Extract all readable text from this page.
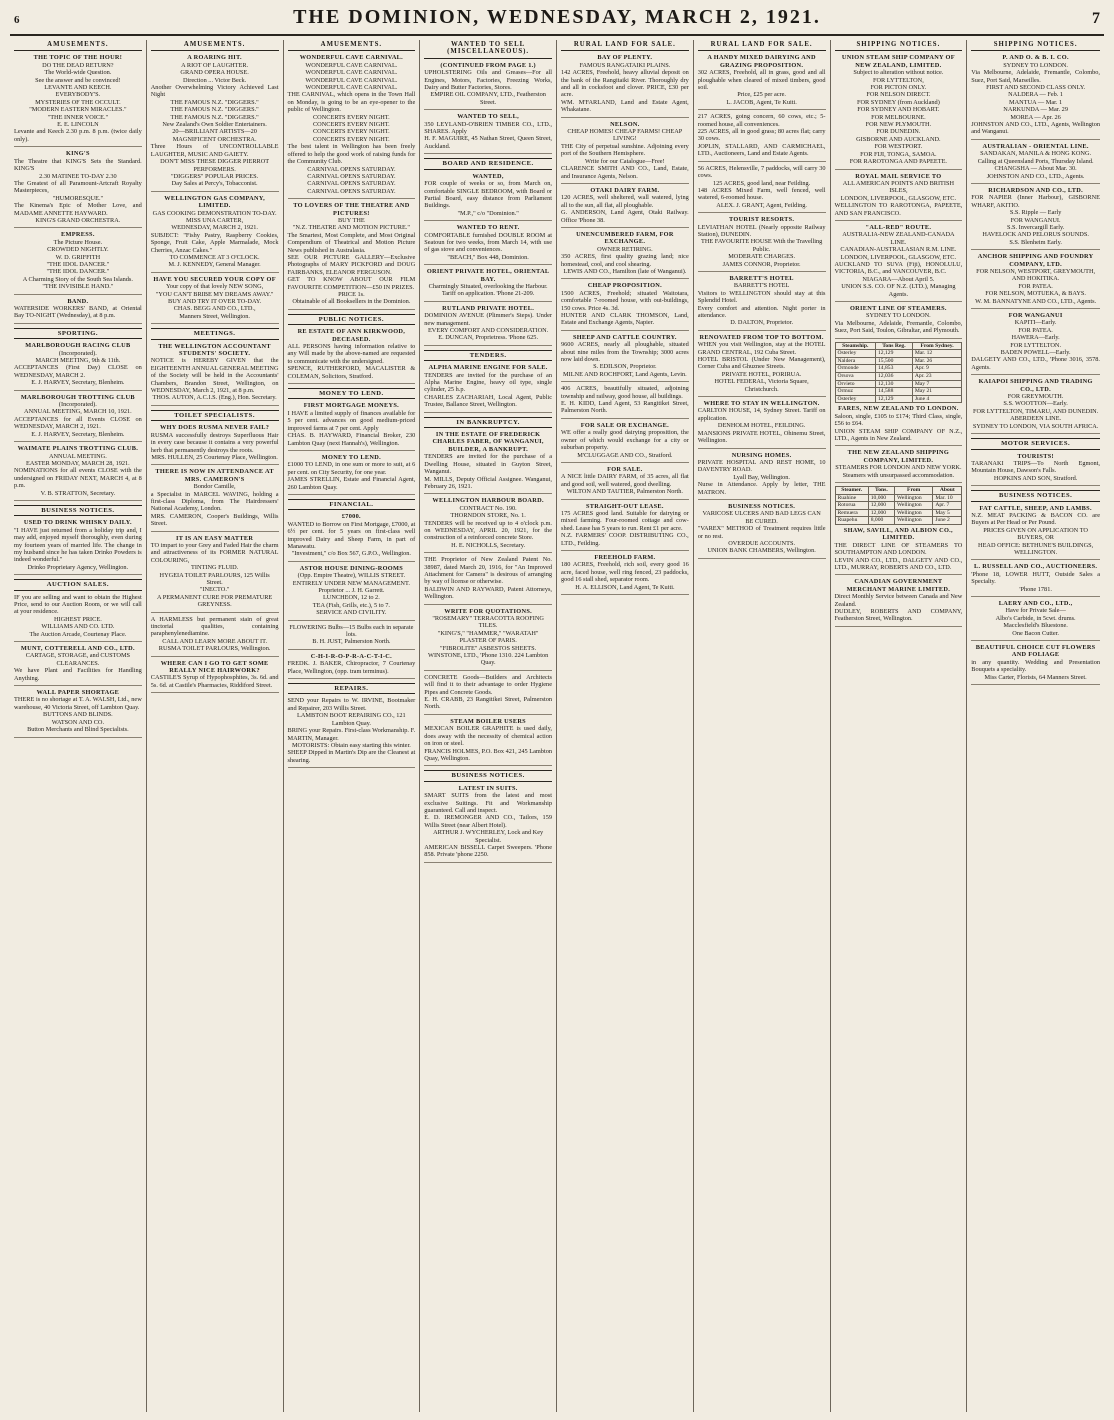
6	THE DOMINION, WEDNESDAY, MARCH 2, 1921.	7
AMUSEMENTS.
THE TOPIC OF THE HOUR!

DO THE DEAD RETURN?

The World-wide Question.

See the answer and be convinced!

LEVANTE AND KEECH.

EVERYBODY'S.

MYSTERIES OF THE OCCULT.

"MODERN EASTERN MIRACLES."

"THE INNER VOICE."

E. E. LINCOLN

Levante and Keech 2.30 p.m. 8 p.m. (twice daily only).

KING'S

The Theatre that KING'S Sets the Standard. KING'S

2.30 MATINEE TO-DAY 2.30

The Greatest of all Paramount-Artcraft Royalty Masterpieces,

"HUMORESQUE."

The Kinema's Epic of Mother Love, and MADAME ANNETTE HAYWARD.

KING'S GRAND ORCHESTRA.

EMPRESS.

The Picture House.

CROWDED NIGHTLY.

W. D. GRIFFITH

"THE IDOL DANCER."

"THE IDOL DANCER."

A Charming Story of the South Sea Islands.

"THE INVISIBLE HAND."

BAND.

WATERSIDE WORKERS' BAND, at Oriental Bay TO-NIGHT (Wednesday), at 8 p.m.

SPORTING.
MARLBOROUGH RACING CLUB

(Incorporated).

MARCH MEETING, 9th & 11th.

ACCEPTANCES (First Day) CLOSE on WEDNESDAY, MARCH 2.

E. J. HARVEY, Secretary, Blenheim.

MARLBOROUGH TROTTING CLUB

(Incorporated).

ANNUAL MEETING, MARCH 10, 1921.

ACCEPTANCES for all Events CLOSE on WEDNESDAY, MARCH 2, 1921.

E. J. HARVEY, Secretary, Blenheim.

WAIMATE PLAINS TROTTING CLUB.

ANNUAL MEETING.

EASTER MONDAY, MARCH 28, 1921.

NOMINATIONS for all events CLOSE with the undersigned on FRIDAY NEXT, MARCH 4, at 8 p.m.

V. B. STRATTON, Secretary.

BUSINESS NOTICES.
USED TO DRINK WHISKY DAILY.

"I HAVE just returned from a holiday trip and, I may add, enjoyed myself thoroughly, even during my fourteen years of married life. The change in my husband since he has taken Drinko Powders is indeed wonderful."

Drinko Proprietary Agency, Wellington.

AUCTION SALES.

IF you are selling and want to obtain the Highest Price, send to our Auction Room, or we will call at your residence.

HIGHEST PRICE.

WILLIAMS AND CO. LTD.

The Auction Arcade, Courtenay Place.

MUNT, COTTERELL AND CO., LTD.

CARTAGE, STORAGE, and CUSTOMS CLEARANCES.

We have Plant and Facilities for Handling Anything.

WALL PAPER SHORTAGE

THERE is no shortage at T. A. WALSH, Ltd., new warehouse, 40 Victoria Street, off Lambton Quay.

BUTTONS AND BLINDS.

WATSON AND CO.

Button Merchants and Blind Specialists.

AMUSEMENTS.
A ROARING HIT.

A RIOT OF LAUGHTER.

GRAND OPERA HOUSE.

Direction ... Victor Beck.

Another Overwhelming Victory Achieved Last Night

THE FAMOUS N.Z. "DIGGERS."

THE FAMOUS N.Z. "DIGGERS."

THE FAMOUS N.Z. "DIGGERS."

New Zealand's Own Soldier Entertainers.

20—BRILLIANT ARTISTS—20

MAGNIFICENT ORCHESTRA.

Three Hours of UNCONTROLLABLE LAUGHTER, MUSIC AND GAIETY.

DON'T MISS THESE DIGGER PIERROT PERFORMERS.

"DIGGERS" POPULAR PRICES.

Day Sales at Percy's, Tobacconist.

WELLINGTON GAS COMPANY, LIMITED.

GAS COOKING DEMONSTRATION TO-DAY.

MISS UNA CARTER,

WEDNESDAY, MARCH 2, 1921.

SUBJECT: "Fishy Pastry, Raspberry Cookies, Sponge, Fruit Cake, Apple Marmalade, Mock Cherries, Anzac Cakes."

TO COMMENCE AT 3 O'CLOCK.

M. J. KENNEDY, General Manager.

HAVE YOU SECURED YOUR COPY OF

Your copy of that lovely NEW SONG,

"YOU CAN'T BRIBE MY DREAMS AWAY."

BUY AND TRY IT OVER TO-DAY.

CHAS. BEGG AND CO., LTD.,

Manners Street, Wellington.

MEETINGS.
THE WELLINGTON ACCOUNTANT STUDENTS' SOCIETY.

NOTICE is HEREBY GIVEN that the EIGHTEENTH ANNUAL GENERAL MEETING of the Society will be held in the Accountants' Chambers, Brandon Street, Wellington, on WEDNESDAY, March 2, 1921, at 8 p.m.

THOS. AUTON, A.C.I.S. (Eng.), Hon. Secretary.

TOILET SPECIALISTS.
WHY DOES RUSMA NEVER FAIL?

RUSMA successfully destroys Superfluous Hair in every case because it contains a very powerful herb that permanently destroys the roots.

MRS. HULLEN, 25 Courtenay Place, Wellington.

THERE IS NOW IN ATTENDANCE AT MRS. CAMERON'S

Bondor Camille,

a Specialist in MARCEL WAVING, holding a first-class Diploma, from The Hairdressers' National Academy, London.

MRS. CAMERON, Cooper's Buildings, Willis Street.

IT IS AN EASY MATTER

TO impart to your Grey and Faded Hair the charm and attractiveness of its FORMER NATURAL COLOURING,

TINTING FLUID.

HYGEIA TOILET PARLOURS, 125 Willis Street.

"INECTO."

A PERMANENT CURE FOR PREMATURE GREYNESS.

A HARMLESS but permanent stain of great tinctorial qualities, containing paraphenylenediamine.

CALL AND LEARN MORE ABOUT IT.

RUSMA TOILET PARLOURS, Wellington.

WHERE CAN I GO TO GET SOME REALLY NICE HAIRWORK?

CASTILE'S Syrup of Hypophosphites, 3s. 6d. and 5s. 6d. at Castile's Pharmacies, Riddiford Street.

AMUSEMENTS.
WONDERFUL CAVE CARNIVAL.

WONDERFUL CAVE CARNIVAL.

WONDERFUL CAVE CARNIVAL.

WONDERFUL CAVE CARNIVAL.

WONDERFUL CAVE CARNIVAL.

THE CARNIVAL, which opens in the Town Hall on Monday, is going to be an eye-opener to the public of Wellington.

CONCERTS EVERY NIGHT.

CONCERTS EVERY NIGHT.

CONCERTS EVERY NIGHT.

CONCERTS EVERY NIGHT.

The best talent in Wellington has been freely offered to help the good work of raising funds for the Community Club.

CARNIVAL OPENS SATURDAY.

CARNIVAL OPENS SATURDAY.

CARNIVAL OPENS SATURDAY.

CARNIVAL OPENS SATURDAY.

TO LOVERS OF THE THEATRE AND PICTURES!

BUY THE

"N.Z. THEATRE AND MOTION PICTURE."

The Smartest, Most Complete, and Most Original Compendium of Theatrical and Motion Picture News published in Australasia.

SEE OUR PICTURE GALLERY—Exclusive Photographs of MARY PICKFORD and DOUG FAIRBANKS, ELEANOR FERGUSON.

GET TO KNOW ABOUT OUR FILM FAVOURITE COMPETITION—£50 IN PRIZES.

PRICE 1s.

Obtainable of all Booksellers in the Dominion.

PUBLIC NOTICES.
RE ESTATE OF ANN KIRKWOOD, DECEASED.

ALL PERSONS having information relative to any Will made by the above-named are requested to communicate with the undersigned.

SPENCE, RUTHERFORD, MACALISTER & COLEMAN, Solicitors, Stratford.

MONEY TO LEND.
FIRST MORTGAGE MONEYS.

I HAVE a limited supply of finances available for 5 per cent. advances on good medium-priced improved farms at 7 per cent. Apply

CHAS. B. HAYWARD, Financial Broker, 230 Lambton Quay (next Hannah's), Wellington.

MONEY TO LEND.

£1000 TO LEND, in one sum or more to suit, at 6 per cent. on City Security, for one year.

JAMES STRELLIN, Estate and Financial Agent, 260 Lambton Quay.

FINANCIAL.
£7000.

WANTED to Borrow on First Mortgage, £7000, at 6½ per cent. for 5 years on first-class well improved Dairy and Sheep Farm, in part of Manawatu.

"Investment," c/o Box 567, G.P.O., Wellington.

ASTOR HOUSE DINING-ROOMS

(Opp. Empire Theatre), WILLIS STREET.

ENTIRELY UNDER NEW MANAGEMENT.

Proprietor ... J. H. Garrett.

LUNCHEON, 12 to 2.

TEA (Fish, Grills, etc.), 5 to 7.

SERVICE AND CIVILITY.

FLOWERING Bulbs—15 Bulbs each in separate lots.

B. H. JUST, Palmerston North.

C-H-I-R-O-P-R-A-C-T-I-C.

FREDK. J. BAKER, Chiropractor, 7 Courtenay Place, Wellington, (opp. tram terminus).

REPAIRS.

SEND your Repairs to W. IRVINE, Bootmaker and Repairer, 203 Willis Street.

LAMBTON BOOT REPAIRING CO., 121 Lambton Quay.

BRING your Repairs. First-class Workmanship. F. MARTIN, Manager.

MOTORISTS: Obtain easy starting this winter.

SHEEP Dipped in Martin's Dip are the Cleanest at shearing.

WANTED TO SELL (MISCELLANEOUS).
(CONTINUED FROM PAGE 1.)

UPHOLSTERING Oils and Greases—For all Engines, Motors, Factories, Freezing Works, Dairy and Butter Factories, Stores.

EMPIRE OIL COMPANY, LTD., Featherston Street.

WANTED TO SELL,

350 LEYLAND-O'BRIEN TIMBER CO., LTD., SHARES. Apply

H. F. MAGUIRE, 45 Nathan Street, Queen Street, Auckland.

BOARD AND RESIDENCE.
WANTED,

FOR couple of weeks or so, from March on, comfortable SINGLE BEDROOM, with Board or Partial Board, easy distance from Parliament Buildings.

"M.P.," c/o "Dominion."

WANTED TO RENT.

COMFORTABLE furnished DOUBLE ROOM at Seatoun for two weeks, from March 14, with use of gas stove and conveniences.

"BEACH," Box 448, Dominion.

ORIENT PRIVATE HOTEL, ORIENTAL BAY.

Charmingly Situated, overlooking the Harbour.

Tariff on application. 'Phone 21-209.

RUTLAND PRIVATE HOTEL.

DOMINION AVENUE (Plimmer's Steps). Under new management.

EVERY COMFORT AND CONSIDERATION.

E. DUNCAN, Proprietress. 'Phone 625.

TENDERS.
ALPHA MARINE ENGINE FOR SALE.

TENDERS are invited for the purchase of an Alpha Marine Engine, heavy oil type, single cylinder, 25 h.p.

CHARLES ZACHARIAH, Local Agent, Public Trustee, Ballance Street, Wellington.

IN BANKRUPTCY.
IN THE ESTATE OF FREDERICK CHARLES FABER, OF WANGANUI, BUILDER, A BANKRUPT.

TENDERS are invited for the purchase of a Dwelling House, situated in Guyton Street, Wanganui.

M. MILLS, Deputy Official Assignee. Wanganui, February 26, 1921.

WELLINGTON HARBOUR BOARD.

CONTRACT No. 190.

THORNDON STORE, No. 1.

TENDERS will be received up to 4 o'clock p.m. on WEDNESDAY, APRIL 20, 1921, for the construction of a reinforced concrete Store.

H. E. NICHOLLS, Secretary.

THE Proprietor of New Zealand Patent No. 38987, dated March 20, 1916, for "An Improved Attachment for Camera" is desirous of arranging by way of license or otherwise.

BALDWIN AND RAYWARD, Patent Attorneys, Wellington.

WRITE FOR QUOTATIONS.

"ROSEMARY" TERRACOTTA ROOFING TILES.

"KING'S," "HAMMER," "WARATAH" PLASTER OF PARIS.

"FIBROLITE" ASBESTOS SHEETS.

WINSTONE, LTD., 'Phone 1310. 224 Lambton Quay.

CONCRETE Goods—Builders and Architects will find it to their advantage to order Hygiene Pipes and Concrete Goods.

E. H. CRABB, 23 Rangitikei Street, Palmerston North.

STEAM BOILER USERS

MEXICAN BOILER GRAPHITE is used daily, does away with the necessity of chemical action on iron or steel.

FRANCIS HOLMES, P.O. Box 421, 245 Lambton Quay, Wellington.

BUSINESS NOTICES.
LATEST IN SUITS.

SMART SUITS from the latest and most exclusive Suitings. Fit and Workmanship guaranteed. Call and inspect.

E. D. IREMONGER AND CO., Tailors, 159 Willis Street (near Albert Hotel).

ARTHUR J. WYCHERLEY, Lock and Key Specialist.

AMERICAN BISSELL Carpet Sweepers. 'Phone 858. Private 'phone 2250.

RURAL LAND FOR SALE.
BAY OF PLENTY.

FAMOUS RANGATAIKI PLAINS.

142 ACRES, Freehold, heavy alluvial deposit on the bank of the Rangitaiki River. Thoroughly dry and all in cocksfoot and clover. PRICE, £30 per acre.

WM. M'FARLAND, Land and Estate Agent, Whakatane.

NELSON.

CHEAP HOMES! CHEAP FARMS! CHEAP LIVING!

THE City of perpetual sunshine. Adjoining every port of the Southern Hemisphere.

Write for our Catalogue—Free!

CLARENCE SMITH AND CO., Land, Estate, and Insurance Agents, Nelson.

OTAKI DAIRY FARM.

120 ACRES, well sheltered, wall watered, lying all to the sun, all flat, all ploughable.

G. ANDERSON, Land Agent, Otaki Railway. Office 'Phone 38.

UNENCUMBERED FARM, FOR EXCHANGE.

OWNER RETIRING.

350 ACRES, first quality grazing land; nice homestead, cool, and cool shearing.

LEWIS AND CO., Hamilton (late of Wanganui).

CHEAP PROPOSITION.

1500 ACRES, Freehold; situated Waitotara, comfortable 7-roomed house, with out-buildings, 150 cows. Price 4s. 3d.

HUNTER AND CLARK THOMSON, Land, Estate and Exchange Agents, Napier.

SHEEP AND CATTLE COUNTRY.

9600 ACRES, nearly all ploughable, situated about nine miles from the Township; 3000 acres now laid down.

S. EDILSON, Proprietor.

MILNE AND ROCHFORT, Land Agents, Levin.

406 ACRES, beautifully situated, adjoining township and railway, good house, all buildings.

E. H. KIDD, Land Agent, 53 Rangitikei Street, Palmerston North.

FOR SALE OR EXCHANGE.

WE offer a really good dairying proposition, the owner of which would exchange for a city or suburban property.

M'CLUGGAGE AND CO., Stratford.

FOR SALE.

A NICE little DAIRY FARM, of 35 acres, all flat and good soil, well watered, good dwelling.

WILTON AND TAUTIER, Palmerston North.

STRAIGHT-OUT LEASE.

175 ACRES good land. Suitable for dairying or mixed farming. Four-roomed cottage and cow-shed. Lease has 5 years to run. Rent £1 per acre.

N.Z. FARMERS' COOP. DISTRIBUTING CO., LTD., Feilding.

FREEHOLD FARM.

180 ACRES, Freehold, rich soil, every good 16 acre, faced house, well ring fenced, 23 paddocks, good 16 stall shed, separator room.

H. A. ELLISON, Land Agent, Te Kuiti.

RURAL LAND FOR SALE.
A HANDY MIXED DAIRYING AND GRAZING PROPOSITION.

302 ACRES, Freehold, all in grass, good and all ploughable when cleared of mixed timbers, good soil.

Price, £25 per acre.

L. JACOB, Agent, Te Kuiti.

217 ACRES, going concern, 60 cows, etc.; 5-roomed house, all conveniences.

225 ACRES, all in good grass; 80 acres flat; carry 30 cows.

JOPLIN, STALLARD, AND CARMICHAEL, LTD., Auctioneers, Land and Estate Agents.

56 ACRES, Helensville, 7 paddocks, will carry 30 cows.

125 ACRES, good land, near Feilding.

148 ACRES Mixed Farm, well fenced, well watered, 6-roomed house.

ALEX. J. GRANT, Agent, Feilding.

TOURIST RESORTS.

LEVIATHAN HOTEL (Nearly opposite Railway Station), DUNEDIN.

THE FAVOURITE HOUSE With the Travelling Public.

MODERATE CHARGES.

JAMES CONNOR, Proprietor.

BARRETT'S HOTEL

BARRETT'S HOTEL

Visitors to WELLINGTON should stay at this Splendid Hotel.

Every comfort and attention. Night porter in attendance.

D. DALTON, Proprietor.

RENOVATED FROM TOP TO BOTTOM.

WHEN you visit Wellington, stay at the HOTEL GRAND CENTRAL, 192 Cuba Street.

HOTEL BRISTOL (Under New Management), Corner Cuba and Ghuznee Streets.

PRIVATE HOTEL, PORIRUA.

HOTEL FEDERAL, Victoria Square, Christchurch.

WHERE TO STAY IN WELLINGTON.

CARLTON HOUSE, 14, Sydney Street. Tariff on application.

DENHOLM HOTEL, FEILDING.

MANSIONS PRIVATE HOTEL, Ohinemu Street, Wellington.

NURSING HOMES.

PRIVATE HOSPITAL AND REST HOME, 10 DAVENTRY ROAD.

Lyall Bay, Wellington.

Nurse in Attendance. Apply by letter, THE MATRON.

BUSINESS NOTICES.

VARICOSE ULCERS AND BAD LEGS CAN BE CURED.

"VAREX" METHOD of Treatment requires little or no rest.

OVERDUE ACCOUNTS.

UNION BANK CHAMBERS, Wellington.

SHIPPING NOTICES.
UNION STEAM SHIP COMPANY OF NEW ZEALAND, LIMITED.

Subject to alteration without notice.

FOR LYTTELTON,

FOR PICTON ONLY.

FOR NELSON DIRECT.

FOR SYDNEY (from Auckland)

FOR SYDNEY AND HOBART.

FOR MELBOURNE.

FOR NEW PLYMOUTH.

FOR DUNEDIN.

GISBORNE AND AUCKLAND.

FOR WESTPORT.

FOR FIJI, TONGA, SAMOA.

FOR RAROTONGA AND PAPEETE.

ROYAL MAIL SERVICE TO

ALL AMERICAN POINTS AND BRITISH ISLES,

LONDON, LIVERPOOL, GLASGOW, ETC.

WELLINGTON TO RAROTONGA, PAPEETE, AND SAN FRANCISCO.

"ALL-RED" ROUTE.

AUSTRALIA-NEW ZEALAND-CANADA LINE.

CANADIAN-AUSTRALASIAN R.M. LINE.

LONDON, LIVERPOOL, GLASGOW, ETC.

AUCKLAND TO SUVA (Fiji), HONOLULU, VICTORIA, B.C., and VANCOUVER, B.C.

NIAGARA—About April 5.

UNION S.S. CO. OF N.Z. (LTD.), Managing Agents.

ORIENT LINE OF STEAMERS.

SYDNEY TO LONDON.

Via Melbourne, Adelaide, Fremantle, Colombo, Suez, Port Said, Toulon, Gibraltar, and Plymouth.

Steamship.	Tons Reg.	From Sydney.
Osterley	12,129	Mar. 12
Naldera	15,500	Mar. 26
Ormonde	14,853	Apr. 9
Orsova	12,036	Apr. 23
Orvieto	12,130	May 7
Ormuz	14,588	May 21
Osterley	12,129	June 4
FARES, NEW ZEALAND TO LONDON.

Saloon, single, £105 to £174; Third Class, single, £56 to £64.

UNION STEAM SHIP COMPANY OF N.Z., LTD., Agents in New Zealand.

THE NEW ZEALAND SHIPPING COMPANY, LIMITED.

STEAMERS FOR LONDON AND NEW YORK.

Steamers with unsurpassed accommodation.

Steamer.	Tons.	From	About
Ruahine	10,000	Wellington	Mar. 10
Rotorua	12,000	Wellington	Apr. 7
Remuera	12,000	Wellington	May 5
Ruapehu	8,000	Wellington	June 2
SHAW, SAVILL, AND ALBION CO., LIMITED.

THE DIRECT LINE OF STEAMERS TO SOUTHAMPTON AND LONDON.

LEVIN AND CO., LTD., DALGETY AND CO., LTD., MURRAY, ROBERTS AND CO., LTD.

CANADIAN GOVERNMENT MERCHANT MARINE LIMITED.

Direct Monthly Service between Canada and New Zealand.

DUDLEY, ROBERTS AND COMPANY, Featherston Street, Wellington.

SHIPPING NOTICES.
P. AND O. & B. I. CO.

SYDNEY TO LONDON.

Via Melbourne, Adelaide, Fremantle, Colombo, Suez, Port Said, Marseilles.

FIRST AND SECOND CLASS ONLY.

NALDERA — Feb. 1

MANTUA — Mar. 1

NARKUNDA — Mar. 29

MOREA — Apr. 26

JOHNSTON AND CO., LTD., Agents, Wellington and Wanganui.

AUSTRALIAN - ORIENTAL LINE.

SANDAKAN, MANILA & HONG KONG.

Calling at Queensland Ports, Thursday Island.

CHANGSHA — About Mar. 30.

JOHNSTON AND CO., LTD., Agents.

RICHARDSON AND CO., LTD.

FOR NAPIER (Inner Harbour), GISBORNE WHARF, AKITIO.

S.S. Ripple — Early

FOR WANGANUI.

S.S. Invercargill Early.

HAVELOCK AND PELORUS SOUNDS.

S.S. Blenheim Early.

ANCHOR SHIPPING AND FOUNDRY COMPANY, LTD.

FOR NELSON, WESTPORT, GREYMOUTH, AND HOKITIKA.

FOR PATEA.

FOR NELSON, MOTUEKA, & BAYS.

W. M. BANNATYNE AND CO., LTD., Agents.

FOR WANGANUI

KAPITI—Early.

FOR PATEA.

HAWERA—Early.

FOR LYTTELTON.

BADEN POWELL—Early.

DALGETY AND CO., LTD., 'Phone 3016, 3578. Agents.

KAIAPOI SHIPPING AND TRADING CO., LTD.

FOR GREYMOUTH.

S.S. WOOTTON—Early.

FOR LYTTELTON, TIMARU, AND DUNEDIN.

ABERDEEN LINE.

SYDNEY TO LONDON, VIA SOUTH AFRICA.

MOTOR SERVICES.
TOURISTS!

TARANAKI TRIPS—To North Egmont, Mountain House, Dawson's Falls.

HOPKINS AND SON, Stratford.

BUSINESS NOTICES.
FAT CATTLE, SHEEP, AND LAMBS.

N.Z. MEAT PACKING & BACON CO. are Buyers at Per Head or Per Pound.

PRICES GIVEN ON APPLICATION TO BUYERS, OR

HEAD OFFICE: BETHUNE'S BUILDINGS, WELLINGTON.

L. RUSSELL AND CO., AUCTIONEERS.

'Phone 18, LOWER HUTT, Outside Sales a Specialty.

'Phone 1781.

LAERY AND CO., LTD.,

Have for Private Sale—

Albo's Carbide, in 5cwt. drums.

Macclesfield's Bluestone.

One Bacon Cutter.

BEAUTIFUL CHOICE CUT FLOWERS AND FOLIAGE

in any quantity. Wedding and Presentation Bouquets a speciality.

Miss Carter, Florists, 64 Manners Street.
